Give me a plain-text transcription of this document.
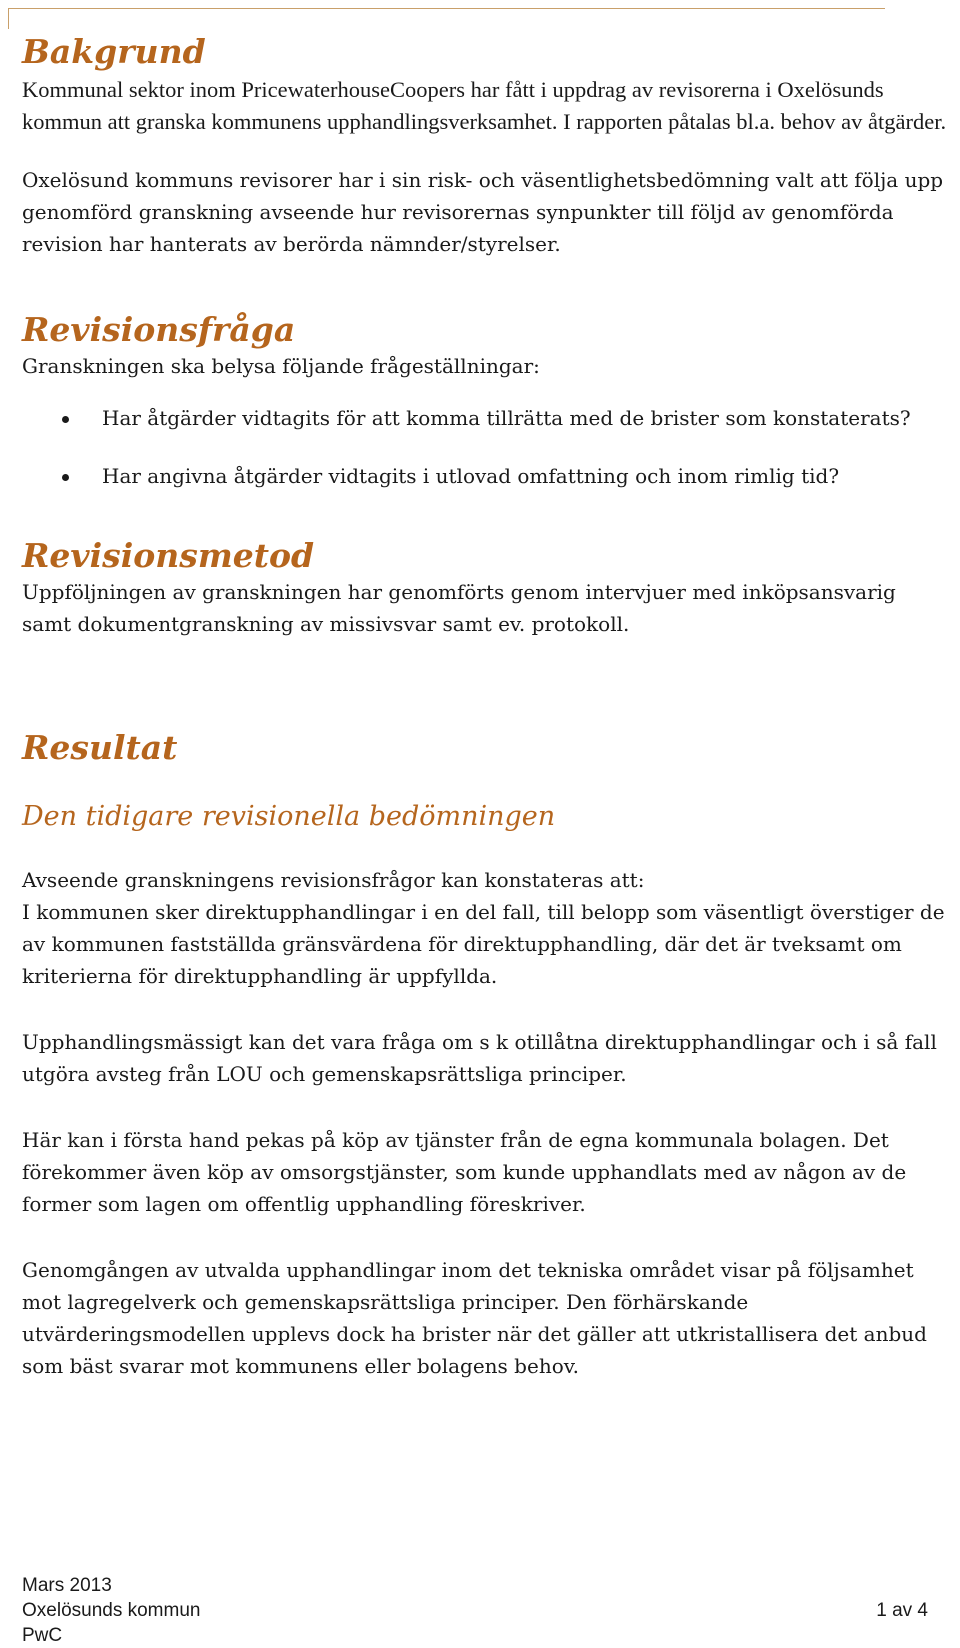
Bakgrund

Kommunal sektor inom PricewaterhouseCoopers har fått i uppdrag av revisorerna i Oxelösunds kommun att granska kommunens upphandlingsverksamhet. I rapporten påtalas bl.a. behov av åtgärder.

Oxelösund kommuns revisorer har i sin risk- och väsentlighetsbedömning valt att följa upp genomförd granskning avseende hur revisorernas synpunkter till följd av genomförda revision har hanterats av berörda nämnder/styrelser.

Revisionsfråga

Granskningen ska belysa följande frågeställningar:

Har åtgärder vidtagits för att komma tillrätta med de brister som konstaterats?
Har angivna åtgärder vidtagits i utlovad omfattning och inom rimlig tid?
Revisionsmetod

Uppföljningen av granskningen har genomförts genom intervjuer med inköpsansvarig samt dokumentgranskning av missivsvar samt ev. protokoll.

Resultat
Den tidigare revisionella bedömningen

Avseende granskningens revisionsfrågor kan konstateras att:

I kommunen sker direktupphandlingar i en del fall, till belopp som väsentligt överstiger de av kommunen fastställda gränsvärdena för direktupphandling, där det är tveksamt om kriterierna för direktupphandling är uppfyllda.

Upphandlingsmässigt kan det vara fråga om s k otillåtna direktupphandlingar och i så fall utgöra avsteg från LOU och gemenskapsrättsliga principer.

Här kan i första hand pekas på köp av tjänster från de egna kommunala bolagen. Det förekommer även köp av omsorgstjänster, som kunde upphandlats med av någon av de former som lagen om offentlig upphandling föreskriver.

Genomgången av utvalda upphandlingar inom det tekniska området visar på följsamhet mot lagregelverk och gemenskapsrättsliga principer. Den förhärskande utvärderingsmodellen upplevs dock ha brister när det gäller att utkristallisera det anbud som bäst svarar mot kommunens eller bolagens behov.

Mars 2013
Oxelösunds kommun
PwC
1 av 4
